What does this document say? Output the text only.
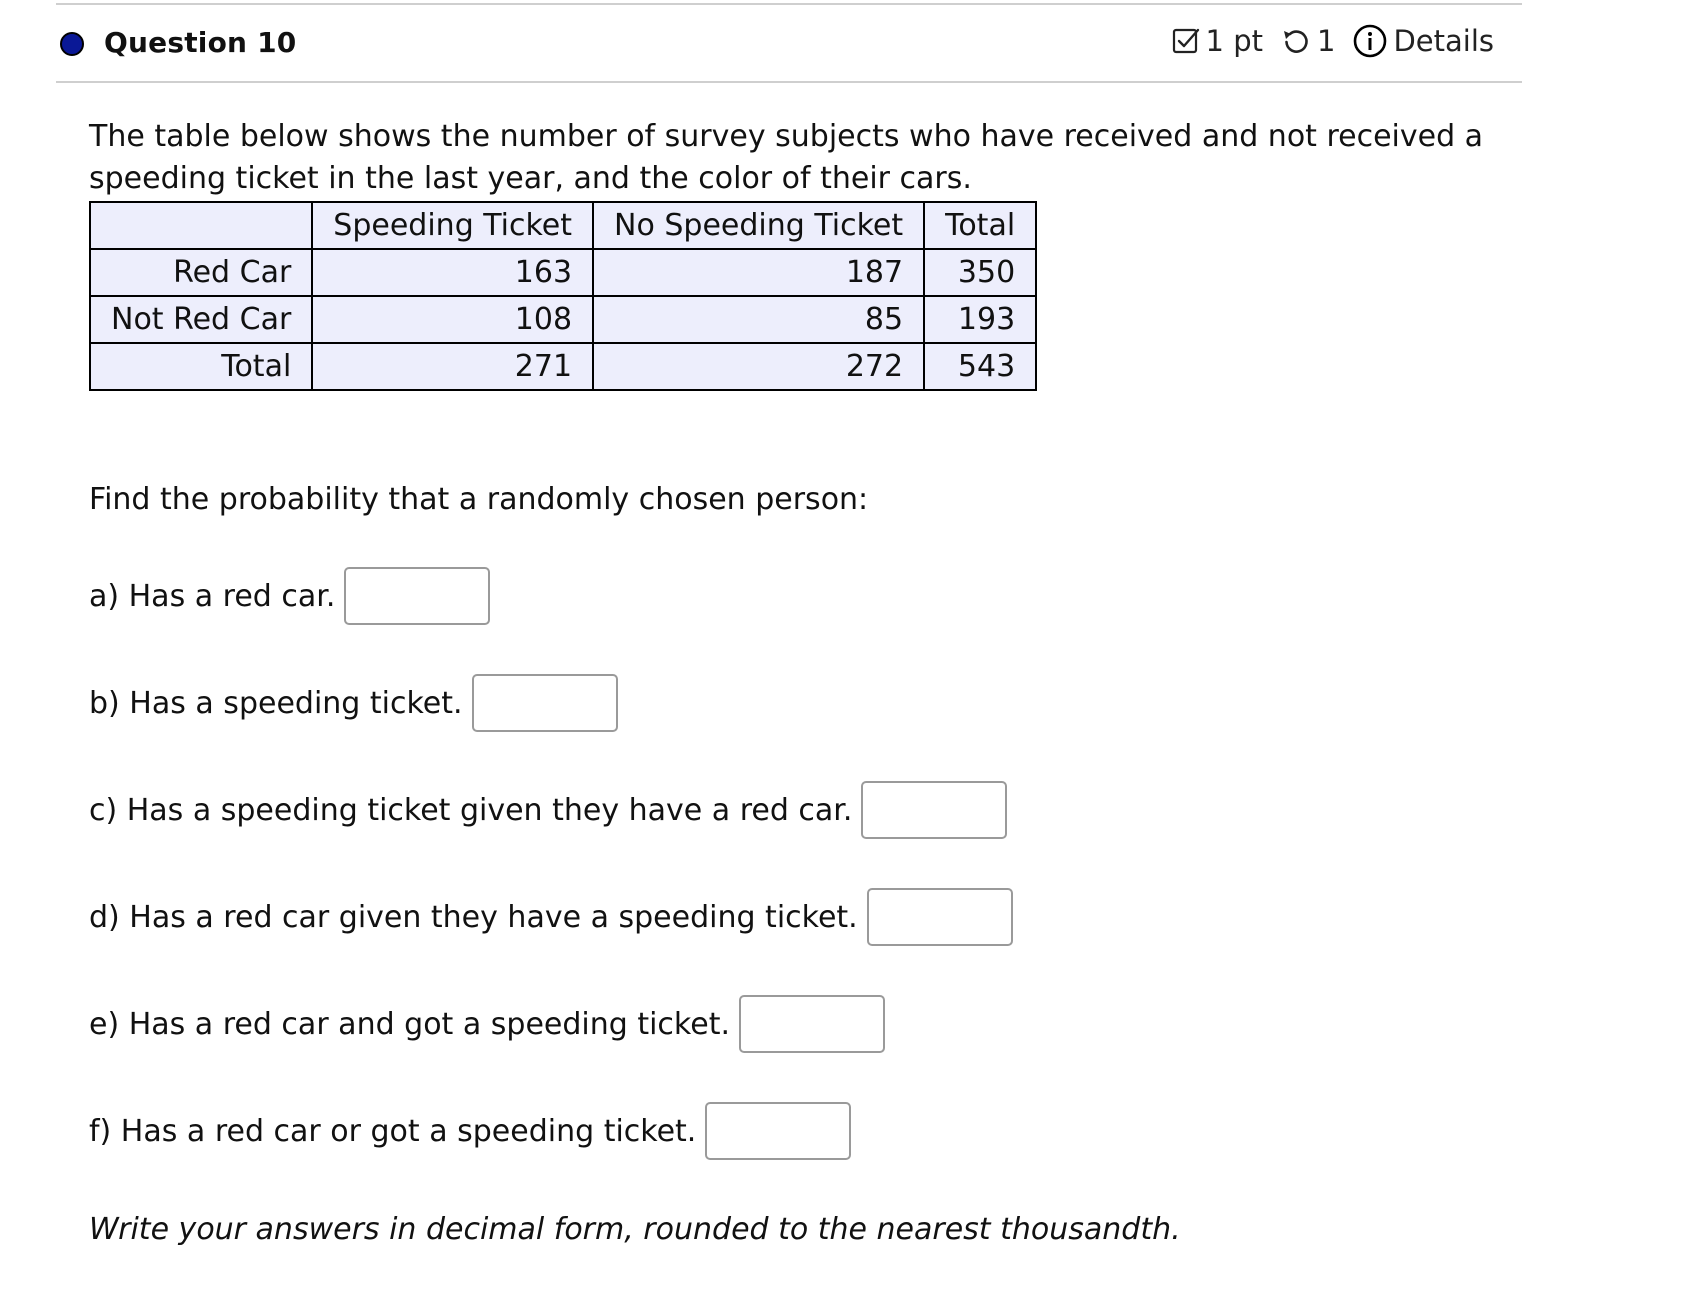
Question 10	1 pt 1 Details
The table below shows the number of survey subjects who have received and not received a speeding ticket in the last year, and the color of their cars.
	Speeding Ticket	No Speeding Ticket	Total
Red Car	163	187	350
Not Red Car	108	85	193
Total	271	272	543
Find the probability that a randomly chosen person:
a) Has a red car.
b) Has a speeding ticket.
c) Has a speeding ticket given they have a red car.
d) Has a red car given they have a speeding ticket.
e) Has a red car and got a speeding ticket.
f) Has a red car or got a speeding ticket.
Write your answers in decimal form, rounded to the nearest thousandth.
